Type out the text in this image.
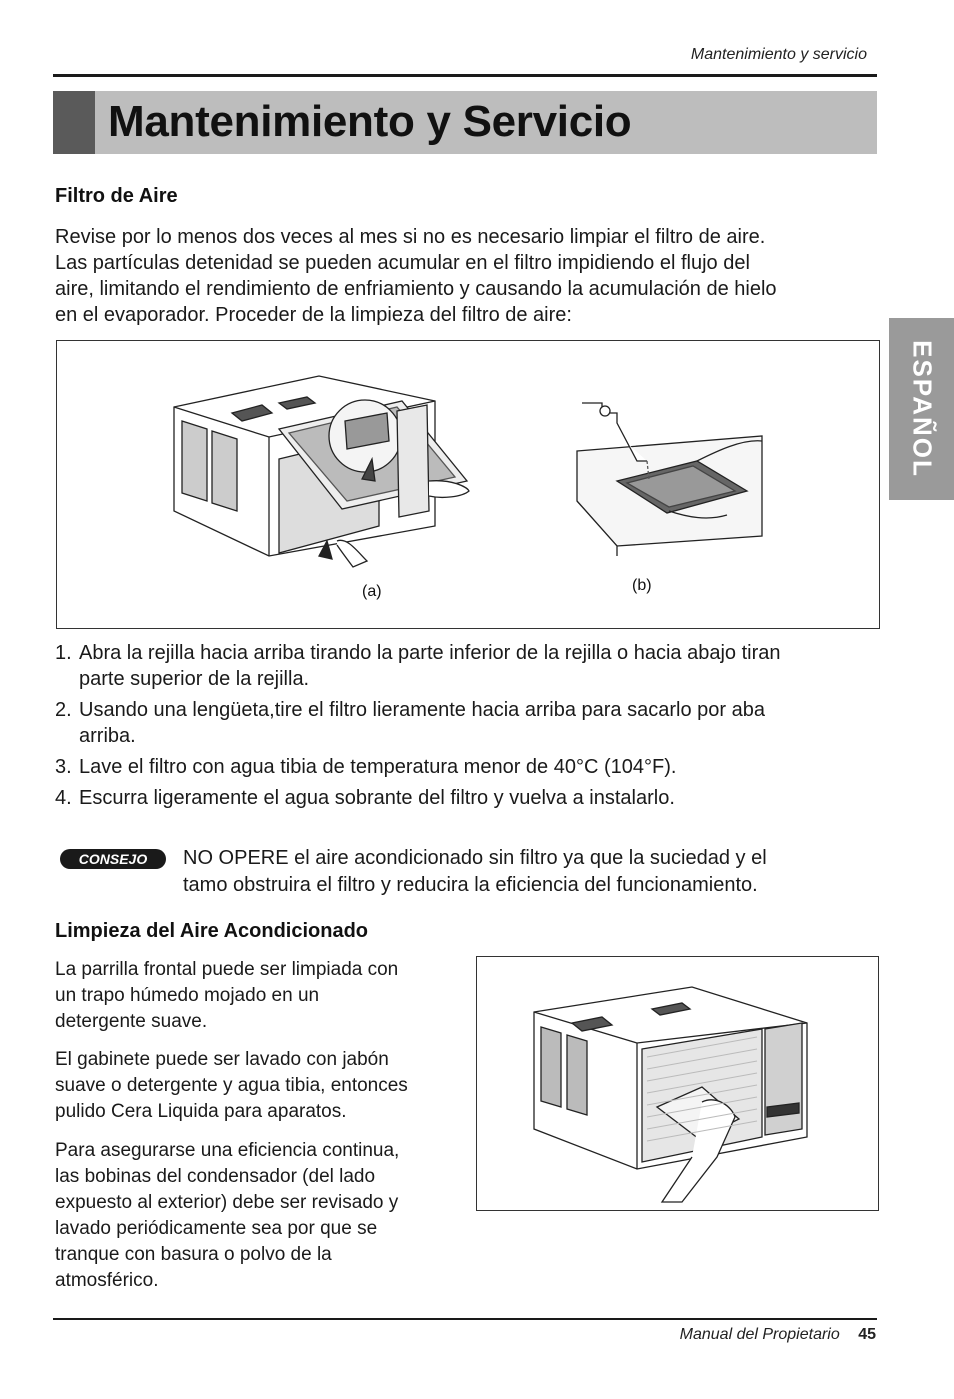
Mantenimiento y servicio
Mantenimiento y Servicio
ESPAÑOL
Filtro de Aire

Revise por lo menos dos veces al mes si no es necesario limpiar el filtro de aire.
Las partículas detenidad se pueden acumular en el filtro impidiendo el flujo del
aire, limitando el rendimiento de enfriamiento y causando la acumulación de hielo
en el evaporador. Proceder de la limpieza del filtro de aire:

(a)	(b)
1. Abra la rejilla hacia arriba tirando la parte inferior de la rejilla o hacia abajo tiran
parte superior de la rejilla.
2. Usando una lengüeta,tire el filtro lieramente hacia arriba para sacarlo por aba
arriba.
3. Lave el filtro con agua tibia de temperatura menor de 40°C (104°F).
4. Escurra ligeramente el agua sobrante del filtro y vuelva a instalarlo.
CONSEJO	NO OPERE el aire acondicionado sin filtro ya que la suciedad y el
tamo obstruira el filtro y reducira la eficiencia del funcionamiento.

Limpieza del Aire Acondicionado

La parrilla frontal puede ser limpiada con
un trapo húmedo mojado en un
detergente suave.

El gabinete puede ser lavado con jabón
suave o detergente y agua tibia, entonces
pulido Cera Liquida para aparatos.

Para asegurarse una eficiencia continua,
las bobinas del condensador (del lado
expuesto al exterior) debe ser revisado y
lavado periódicamente sea por que se
tranque con basura o polvo de la
atmosférico.

Manual del Propietario 45
